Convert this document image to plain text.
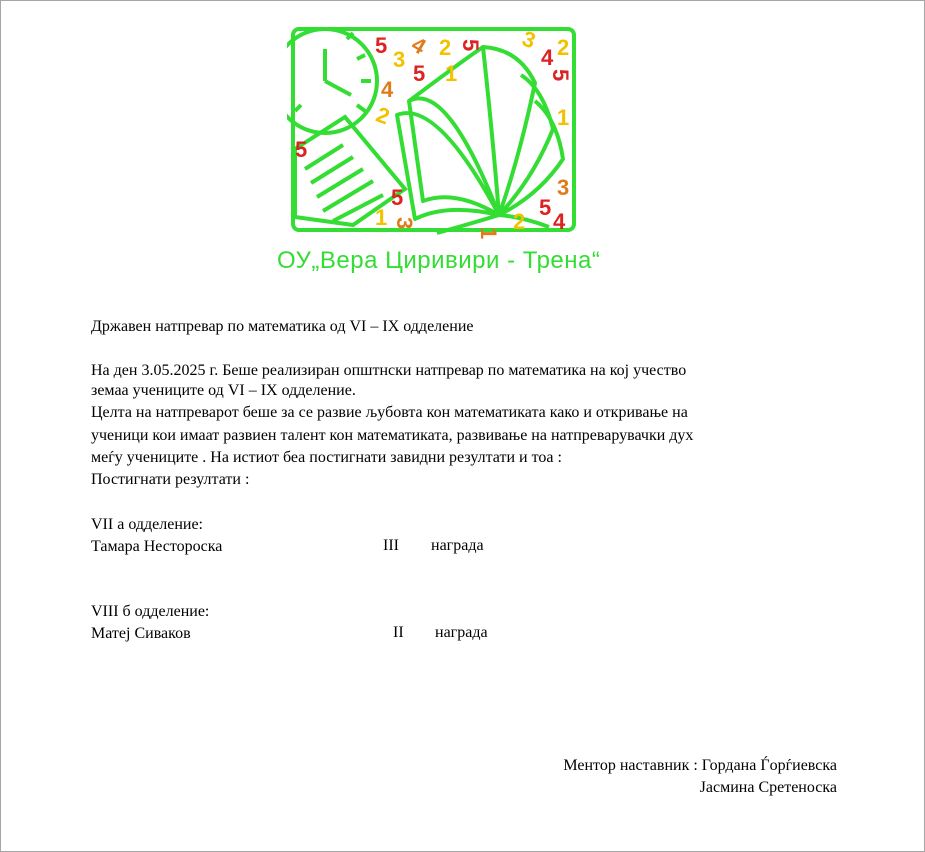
5
3
4 2 5
5 1
4
2
5
5
1 3
3
4 2
5
1
3
5
4
2
1
ОУ„Вера Циривири - Трена“
Државен натпревар по математика од VI – IX одделение
На ден 3.05.2025 г. Беше реализиран општнски натпревар по математика на кој учество
земаа учениците од VI – IX одделение.
Целта на натпреварот беше за се развие љубовта кон математиката како и откривање на
ученици кои имаат развиен талент кон математиката, развивање на натпреварувачки дух
меѓу учениците . На истиот беа постигнати завидни резултати и тоа :
Постигнати резултати :
VII а одделение:
Тамара Несторoска	III награда
VIII б одделение:
Матеј Сиваков	II награда
Ментор наставник : Гордана Ѓорѓиевска
Јасмина Сретеноска
